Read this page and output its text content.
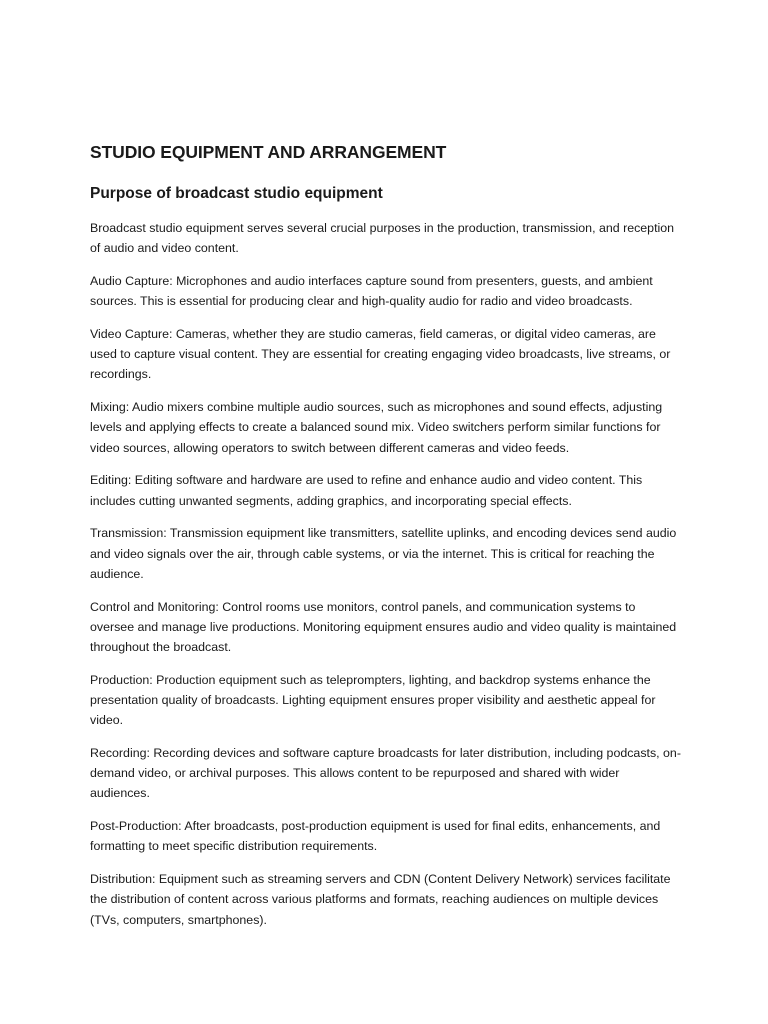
STUDIO EQUIPMENT AND ARRANGEMENT
Purpose of broadcast studio equipment

Broadcast studio equipment serves several crucial purposes in the production, transmission, and reception of audio and video content.

Audio Capture: Microphones and audio interfaces capture sound from presenters, guests, and ambient sources. This is essential for producing clear and high-quality audio for radio and video broadcasts.

Video Capture: Cameras, whether they are studio cameras, field cameras, or digital video cameras, are used to capture visual content. They are essential for creating engaging video broadcasts, live streams, or recordings.

Mixing: Audio mixers combine multiple audio sources, such as microphones and sound effects, adjusting levels and applying effects to create a balanced sound mix. Video switchers perform similar functions for video sources, allowing operators to switch between different cameras and video feeds.

Editing: Editing software and hardware are used to refine and enhance audio and video content. This includes cutting unwanted segments, adding graphics, and incorporating special effects.

Transmission: Transmission equipment like transmitters, satellite uplinks, and encoding devices send audio and video signals over the air, through cable systems, or via the internet. This is critical for reaching the audience.

Control and Monitoring: Control rooms use monitors, control panels, and communication systems to oversee and manage live productions. Monitoring equipment ensures audio and video quality is maintained throughout the broadcast.

Production: Production equipment such as teleprompters, lighting, and backdrop systems enhance the presentation quality of broadcasts. Lighting equipment ensures proper visibility and aesthetic appeal for video.

Recording: Recording devices and software capture broadcasts for later distribution, including podcasts, on-demand video, or archival purposes. This allows content to be repurposed and shared with wider audiences.

Post-Production: After broadcasts, post-production equipment is used for final edits, enhancements, and formatting to meet specific distribution requirements.

Distribution: Equipment such as streaming servers and CDN (Content Delivery Network) services facilitate the distribution of content across various platforms and formats, reaching audiences on multiple devices (TVs, computers, smartphones).
